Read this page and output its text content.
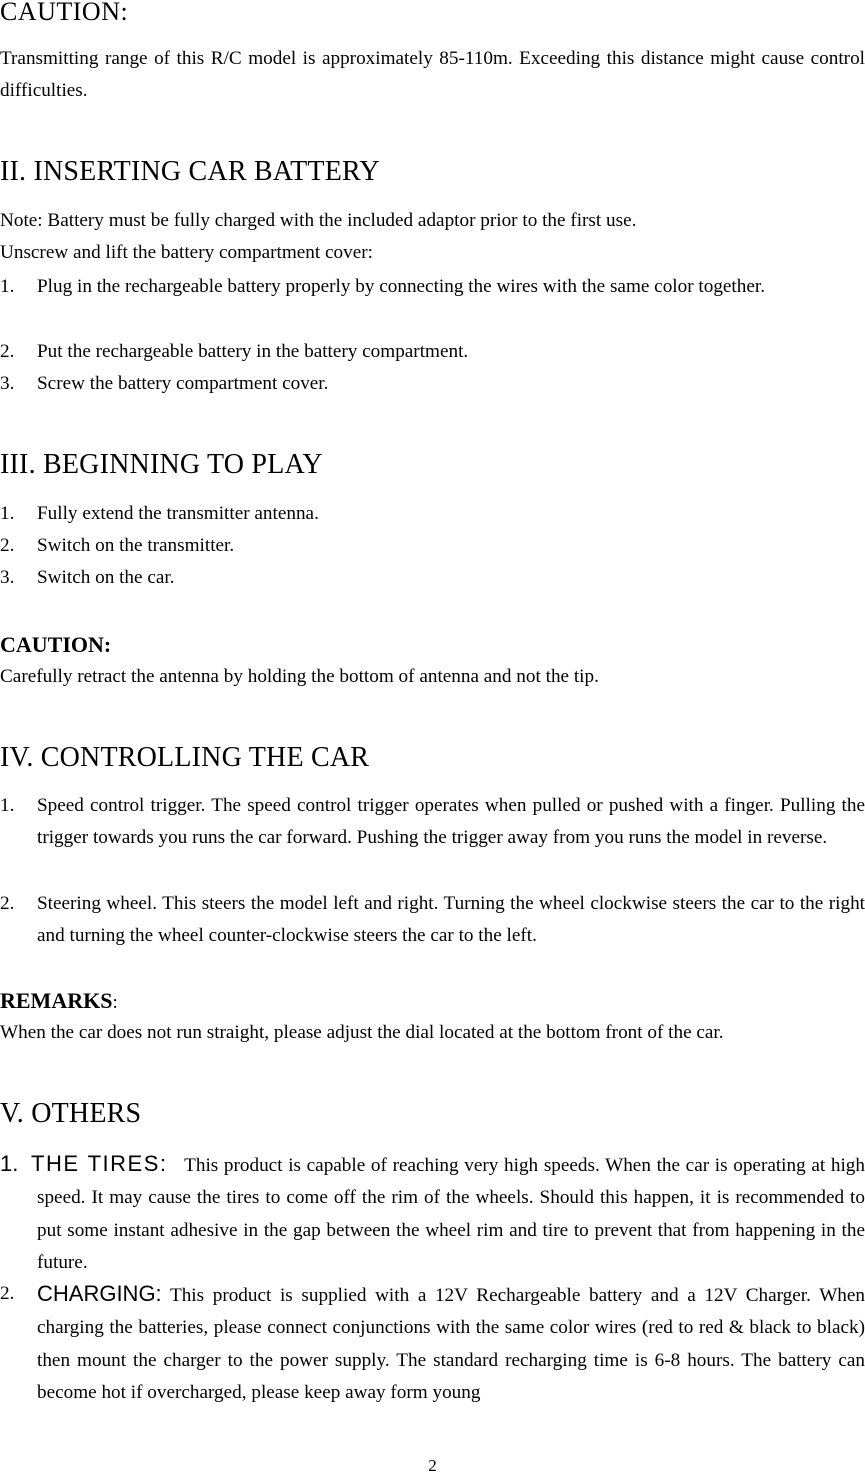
CAUTION:
Transmitting range of this R/C model is approximately 85-110m. Exceeding this distance might cause control difficulties.
II. INSERTING CAR BATTERY
Note: Battery must be fully charged with the included adaptor prior to the first use.
Unscrew and lift the battery compartment cover:
1. Plug in the rechargeable battery properly by connecting the wires with the same color together.
2. Put the rechargeable battery in the battery compartment.
3. Screw the battery compartment cover.
III. BEGINNING TO PLAY
1. Fully extend the transmitter antenna.
2. Switch on the transmitter.
3. Switch on the car.
CAUTION:
Carefully retract the antenna by holding the bottom of antenna and not the tip.
IV. CONTROLLING THE CAR
1. Speed control trigger. The speed control trigger operates when pulled or pushed with a finger. Pulling the trigger towards you runs the car forward. Pushing the trigger away from you runs the model in reverse.
2. Steering wheel. This steers the model left and right. Turning the wheel clockwise steers the car to the right and turning the wheel counter-clockwise steers the car to the left.
REMARKS:
When the car does not run straight, please adjust the dial located at the bottom front of the car.
V. OTHERS
1. THE TIRES: This product is capable of reaching very high speeds. When the car is operating at high speed. It may cause the tires to come off the rim of the wheels. Should this happen, it is recommended to put some instant adhesive in the gap between the wheel rim and tire to prevent that from happening in the future.
2. CHARGING: This product is supplied with a 12V Rechargeable battery and a 12V Charger. When charging the batteries, please connect conjunctions with the same color wires (red to red & black to black) then mount the charger to the power supply. The standard recharging time is 6-8 hours. The battery can become hot if overcharged, please keep away form young
2
